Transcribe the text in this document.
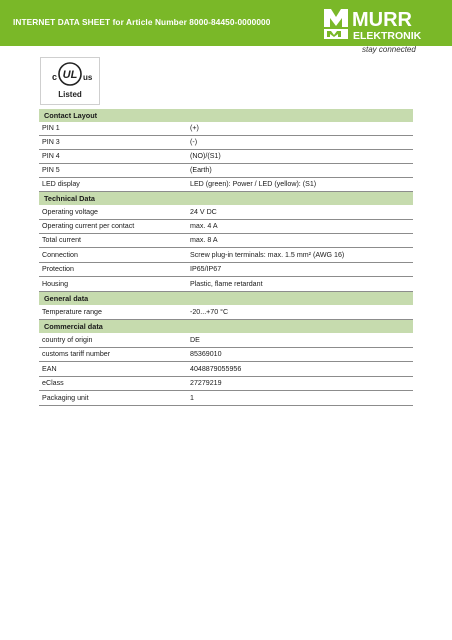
INTERNET DATA SHEET for Article Number 8000-84450-0000000	MURR
ELEKTRONIK
stay connected
c UL us
Listed
Contact Layout
PIN 1	(+)
PIN 3	(-)
PIN 4	(NO)/(S1)
PIN 5	(Earth)
LED display	LED (green): Power / LED (yellow): (S1)
Technical Data
Operating voltage	24 V DC
Operating current per contact	max. 4 A
Total current	max. 8 A
Connection	Screw plug-in terminals: max. 1.5 mm² (AWG 16)
Protection	IP65/IP67
Housing	Plastic, flame retardant
General data
Temperature range	-20...+70 °C
Commercial data
country of origin	DE
customs tariff number	85369010
EAN	4048879055956
eClass	27279219
Packaging unit	1
